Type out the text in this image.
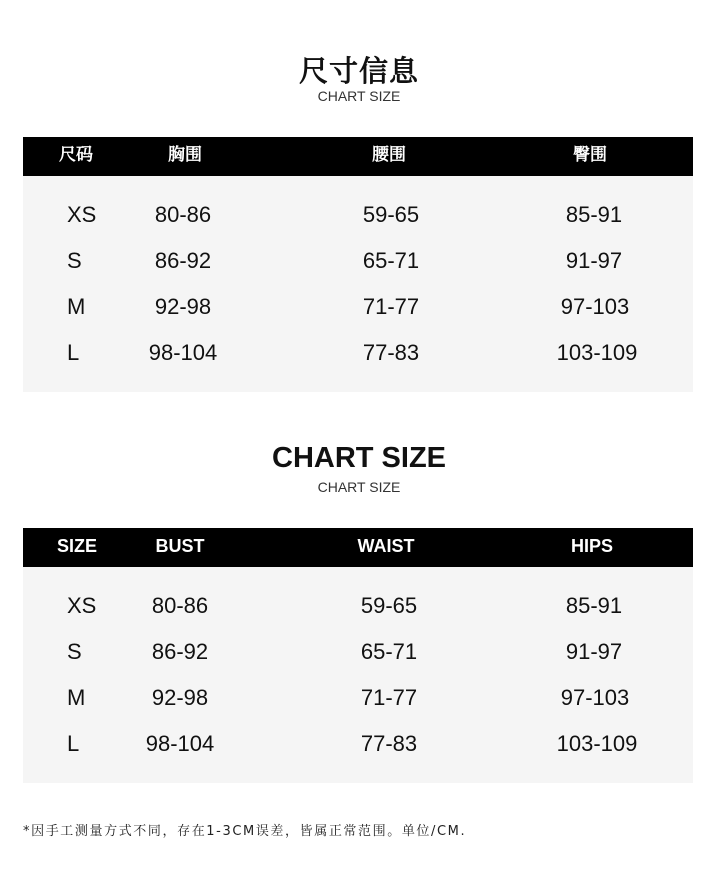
尺寸信息
CHART SIZE
尺码	胸围	腰围	臀围
XS	80-86	59-65	85-91
S	86-92	65-71	91-97
M	92-98	71-77	97-103
L	98-104	77-83	103-109
CHART SIZE
CHART SIZE
SIZE	BUST	WAIST	HIPS
XS	80-86	59-65	85-91
S	86-92	65-71	91-97
M	92-98	71-77	97-103
L	98-104	77-83	103-109
*因手工测量方式不同，存在1-3CM误差，皆属正常范围。单位/CM.
